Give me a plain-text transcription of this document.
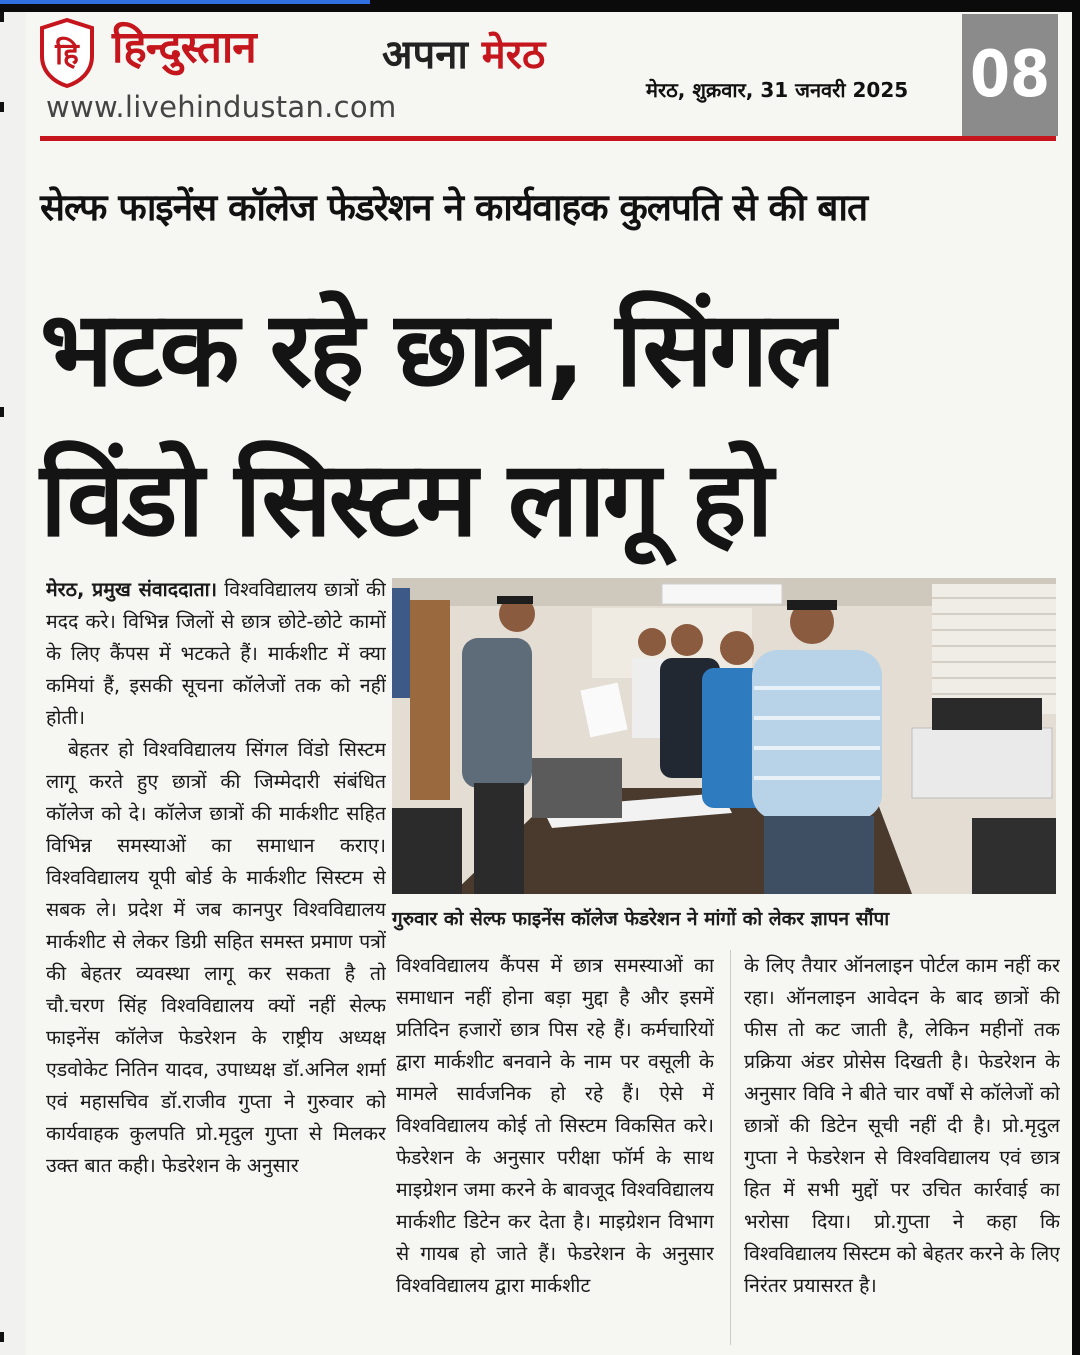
हि हिन्दुस्तान	अपना मेरठ
www.livehindustan.com	मेरठ, शुक्रवार, 31 जनवरी 2025 08
सेल्फ फाइनेंस कॉलेज फेडरेशन ने कार्यवाहक कुलपति से की बात
भटक रहे छात्र, सिंगल
विंडो सिस्टम लागू हो

मेरठ, प्रमुख संवाददाता। विश्वविद्यालय छात्रों की मदद करे। विभिन्न जिलों से छात्र छोटे-छोटे कामों के लिए कैंपस में भटकते हैं। मार्कशीट में क्या कमियां हैं, इसकी सूचना कॉलेजों तक को नहीं होती।

बेहतर हो विश्वविद्यालय सिंगल विंडो सिस्टम लागू करते हुए छात्रों की जिम्मेदारी संबंधित कॉलेज को दे। कॉलेज छात्रों की मार्कशीट सहित विभिन्न समस्याओं का समाधान कराए। विश्वविद्यालय यूपी बोर्ड के मार्कशीट सिस्टम से सबक ले। प्रदेश में जब कानपुर विश्वविद्यालय मार्कशीट से लेकर डिग्री सहित समस्त प्रमाण पत्रों की बेहतर व्यवस्था लागू कर सकता है तो चौ.चरण सिंह विश्वविद्यालय क्यों नहीं सेल्फ फाइनेंस कॉलेज फेडरेशन के राष्ट्रीय अध्यक्ष एडवोकेट नितिन यादव, उपाध्यक्ष डॉ.अनिल शर्मा एवं महासचिव डॉ.राजीव गुप्ता ने गुरुवार को कार्यवाहक कुलपति प्रो.मृदुल गुप्ता से मिलकर उक्त बात कही। फेडरेशन के अनुसार

गुरुवार को सेल्फ फाइनेंस कॉलेज फेडरेशन ने मांगों को लेकर ज्ञापन सौंपा

विश्वविद्यालय कैंपस में छात्र समस्याओं का समाधान नहीं होना बड़ा मुद्दा है और इसमें प्रतिदिन हजारों छात्र पिस रहे हैं। कर्मचारियों द्वारा मार्कशीट बनवाने के नाम पर वसूली के मामले सार्वजनिक हो रहे हैं। ऐसे में विश्वविद्यालय कोई तो सिस्टम विकसित करे। फेडरेशन के अनुसार परीक्षा फॉर्म के साथ माइग्रेशन जमा करने के बावजूद विश्वविद्यालय मार्कशीट डिटेन कर देता है। माइग्रेशन विभाग से गायब हो जाते हैं। फेडरेशन के अनुसार विश्वविद्यालय द्वारा मार्कशीट

के लिए तैयार ऑनलाइन पोर्टल काम नहीं कर रहा। ऑनलाइन आवेदन के बाद छात्रों की फीस तो कट जाती है, लेकिन महीनों तक प्रक्रिया अंडर प्रोसेस दिखती है। फेडरेशन के अनुसार विवि ने बीते चार वर्षों से कॉलेजों को छात्रों की डिटेन सूची नहीं दी है। प्रो.मृदुल गुप्ता ने फेडरेशन से विश्वविद्यालय एवं छात्र हित में सभी मुद्दों पर उचित कार्रवाई का भरोसा दिया। प्रो.गुप्ता ने कहा कि विश्वविद्यालय सिस्टम को बेहतर करने के लिए निरंतर प्रयासरत है।
